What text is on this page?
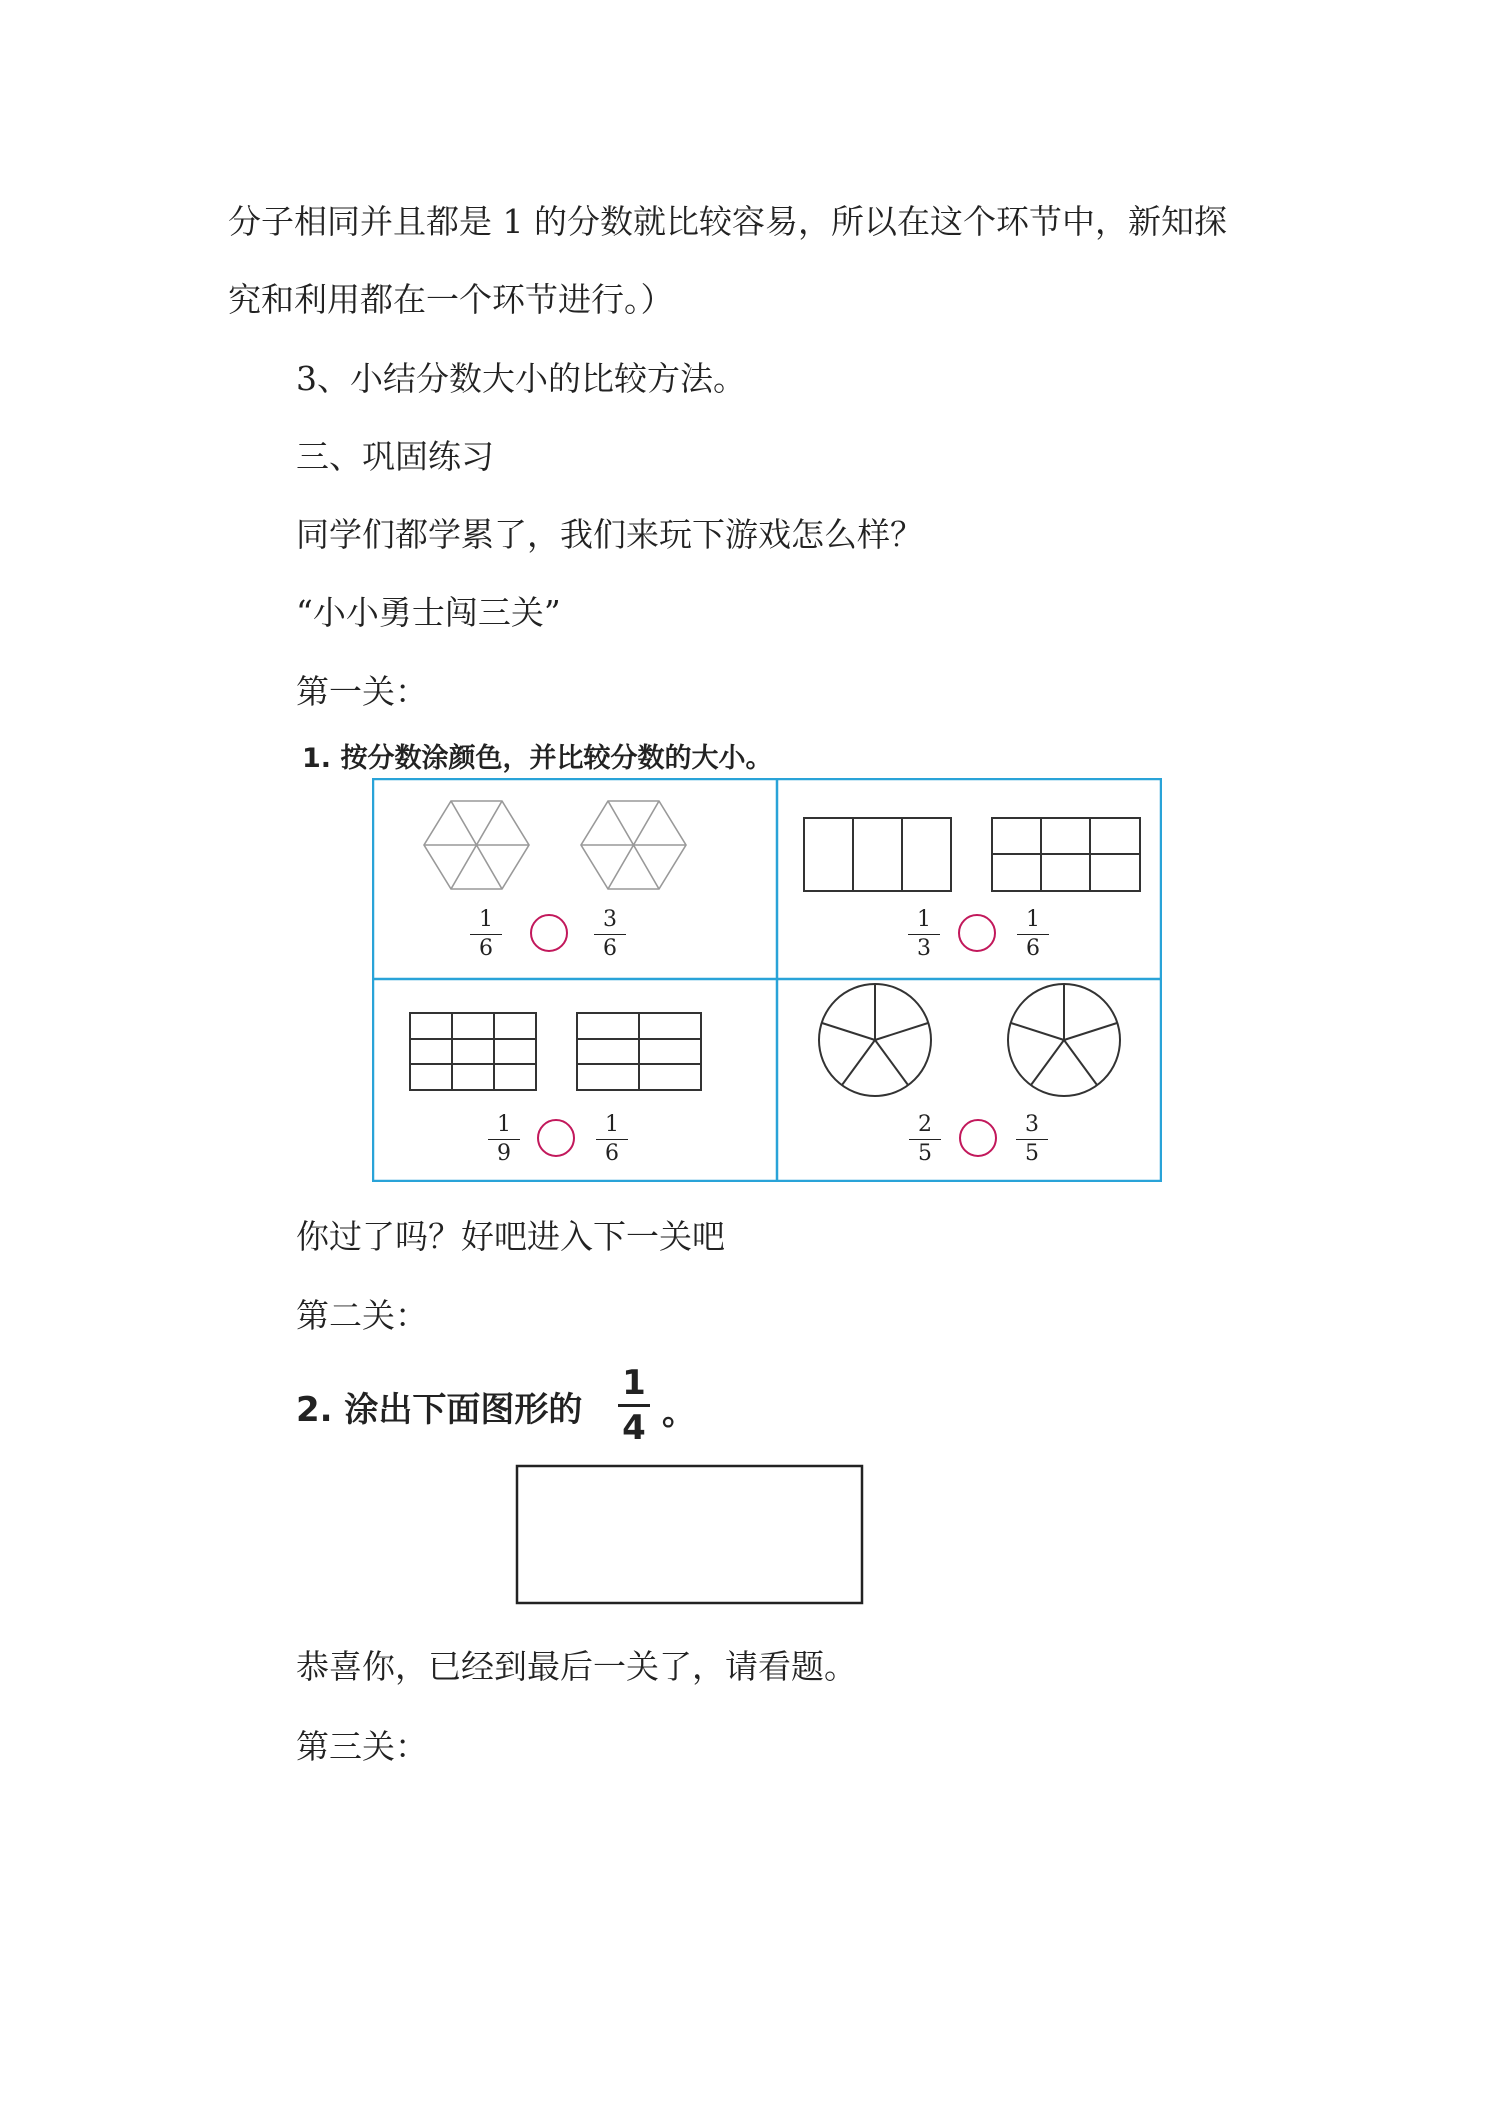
分子相同并且都是 1 的分数就比较容易，所以在这个环节中，新知探
究和利用都在一个环节进行。）
3、小结分数大小的比较方法。
三、巩固练习
同学们都学累了，我们来玩下游戏怎么样？
“小小勇士闯三关”
第一关：
1. 按分数涂颜色，并比较分数的大小。
1
6
3
6
1
3
1
6
1
9
1
6
2
5
3
5
你过了吗？好吧进入下一关吧
第二关：
2. 涂出下面图形的
1
4 。
恭喜你，已经到最后一关了，请看题。
第三关：
